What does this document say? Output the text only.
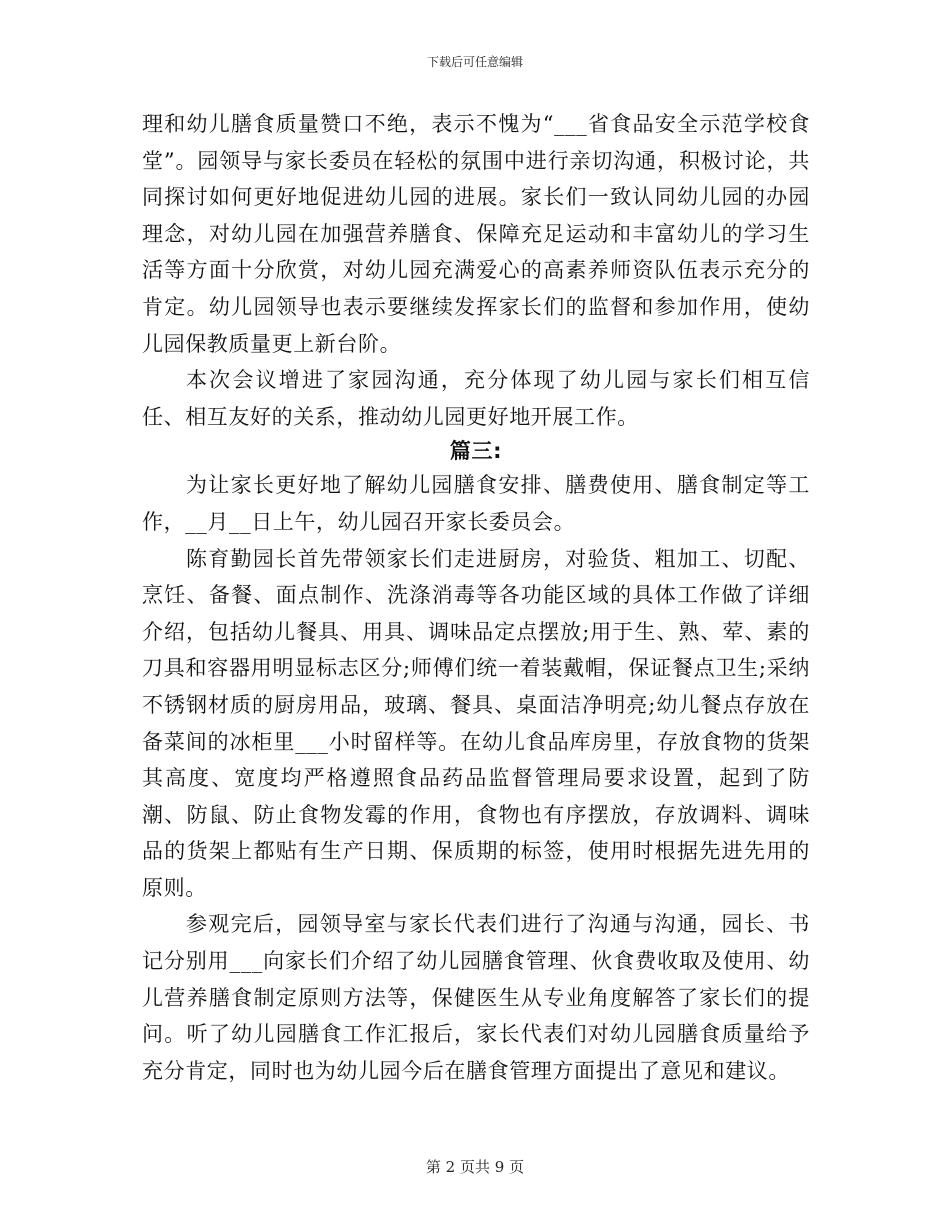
下载后可任意编辑

理和幼儿膳食质量赞口不绝，表示不愧为“___省食品安全示范学校食堂”。园领导与家长委员在轻松的氛围中进行亲切沟通，积极讨论，共同探讨如何更好地促进幼儿园的进展。家长们一致认同幼儿园的办园理念，对幼儿园在加强营养膳食、保障充足运动和丰富幼儿的学习生活等方面十分欣赏，对幼儿园充满爱心的高素养师资队伍表示充分的肯定。幼儿园领导也表示要继续发挥家长们的监督和参加作用，使幼儿园保教质量更上新台阶。

本次会议增进了家园沟通，充分体现了幼儿园与家长们相互信任、相互友好的关系，推动幼儿园更好地开展工作。

篇三:

为让家长更好地了解幼儿园膳食安排、膳费使用、膳食制定等工作，__月__日上午，幼儿园召开家长委员会。

陈育勤园长首先带领家长们走进厨房，对验货、粗加工、切配、烹饪、备餐、面点制作、洗涤消毒等各功能区域的具体工作做了详细介绍，包括幼儿餐具、用具、调味品定点摆放;用于生、熟、荤、素的刀具和容器用明显标志区分;师傅们统一着装戴帽，保证餐点卫生;采纳不锈钢材质的厨房用品，玻璃、餐具、桌面洁净明亮;幼儿餐点存放在备菜间的冰柜里___小时留样等。在幼儿食品库房里，存放食物的货架其高度、宽度均严格遵照食品药品监督管理局要求设置，起到了防潮、防鼠、防止食物发霉的作用，食物也有序摆放，存放调料、调味品的货架上都贴有生产日期、保质期的标签，使用时根据先进先用的原则。

参观完后，园领导室与家长代表们进行了沟通与沟通，园长、书记分别用___向家长们介绍了幼儿园膳食管理、伙食费收取及使用、幼儿营养膳食制定原则方法等，保健医生从专业角度解答了家长们的提问。听了幼儿园膳食工作汇报后，家长代表们对幼儿园膳食质量给予充分肯定，同时也为幼儿园今后在膳食管理方面提出了意见和建议。

第 2 页共 9 页
